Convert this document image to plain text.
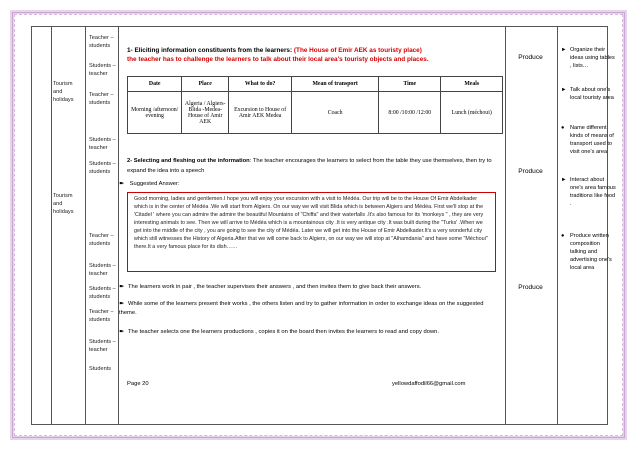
Tourism and holidays
Tourism and holidays
Teacher – students
Students – teacher
Teacher – students
Students – teacher
Students – students
Teacher – students
Students – teacher
Students – students
Teacher – students
Students – teacher
Students
1- Eliciting information constituents from the learners: (The House of Emir AEK as touristy place)
the teacher has to challenge the learners to talk about their local area's touristy objects and places.
Date	Place	What to do?	Mean of transport	Time	Meals
Morning /afternoon/ evening	Algeria / Algiers- Blida -Medea- House of Amir AEK	Excursion to House of Amir AEK Medea	Coach	8:00 /10:00 /12:00	Lunch (méchoui)
2- Selecting and fleshing out the information: The teacher encourages the learners to select from the table they use themselves, then try to expand the idea into a speech
➽ Suggested Answer:
Good morning, ladies and gentlemen.I hope you will enjoy your excursion with a visit to Médéa. Our trip will be to the House Of Emir Abdelkader which is in the center of Médéa .We will start from Algiers. On our way we will visit Blida which is between Algiers and Médéa. First we'll stop at the 'Citadel ' where you can admire the admire the beautiful Mountains of "Chiffa" and their waterfalls .It's also famous for its 'monkeys " , they are very interesting animals to see. Then we will arrive to Médéa which is a mountainous city .It is very antique city .It was built during the "Turks' .When we get into the middle of the city , you are going to see the city of Médéa. Later we will get into the House of Emir Abdelkader.It's a very wonderful city which still witnesses the History of Algeria.After that we will come back to Algiers, on our way we will stop at "Alhamdania" and have some "Méchoui" there.It a very famous place for its dish……
➽ The learners work in pair , the teacher supervises their answers , and then invites them to give back their answers.
➽ While some of the learners present their works , the others listen and try to gather information in order to exchange ideas on the suggested theme.
➽ The teacher selects one the learners productions , copies it on the board then invites the learners to read and copy down.
Produce
Produce
Produce
► Organize their ideas using tables , lists…
► Talk about one's local touristy area
●	Name different kinds of means of transport used to visit one's area
► Interact about one's area famous traditions like food .
●	Produce written composition talking and advertising one's local area
Page 20	yellowdaffodil66@gmail.com
